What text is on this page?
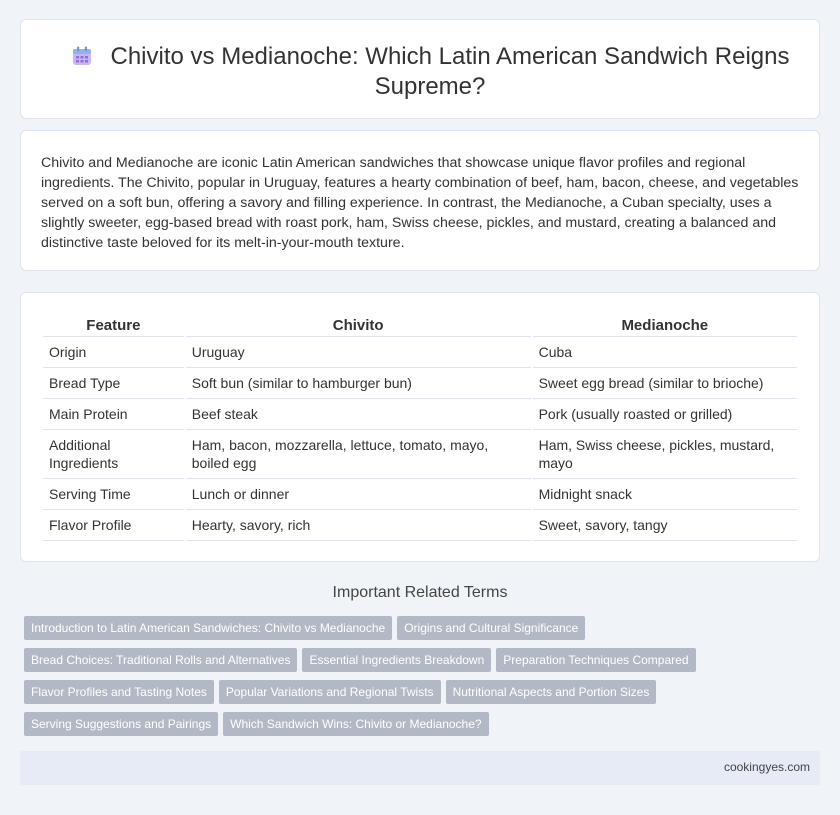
Chivito vs Medianoche: Which Latin American Sandwich Reigns Supreme?

Chivito and Medianoche are iconic Latin American sandwiches that showcase unique flavor profiles and regional ingredients. The Chivito, popular in Uruguay, features a hearty combination of beef, ham, bacon, cheese, and vegetables served on a soft bun, offering a savory and filling experience. In contrast, the Medianoche, a Cuban specialty, uses a slightly sweeter, egg-based bread with roast pork, ham, Swiss cheese, pickles, and mustard, creating a balanced and distinctive taste beloved for its melt-in-your-mouth texture.

Feature	Chivito	Medianoche
Origin	Uruguay	Cuba
Bread Type	Soft bun (similar to hamburger bun)	Sweet egg bread (similar to brioche)
Main Protein	Beef steak	Pork (usually roasted or grilled)
Additional Ingredients	Ham, bacon, mozzarella, lettuce, tomato, mayo, boiled egg	Ham, Swiss cheese, pickles, mustard, mayo
Serving Time	Lunch or dinner	Midnight snack
Flavor Profile	Hearty, savory, rich	Sweet, savory, tangy
Important Related Terms
Introduction to Latin American Sandwiches: Chivito vs Medianoche Origins and Cultural Significance
Bread Choices: Traditional Rolls and Alternatives Essential Ingredients Breakdown Preparation Techniques Compared
Flavor Profiles and Tasting Notes Popular Variations and Regional Twists Nutritional Aspects and Portion Sizes
Serving Suggestions and Pairings Which Sandwich Wins: Chivito or Medianoche?
cookingyes.com
